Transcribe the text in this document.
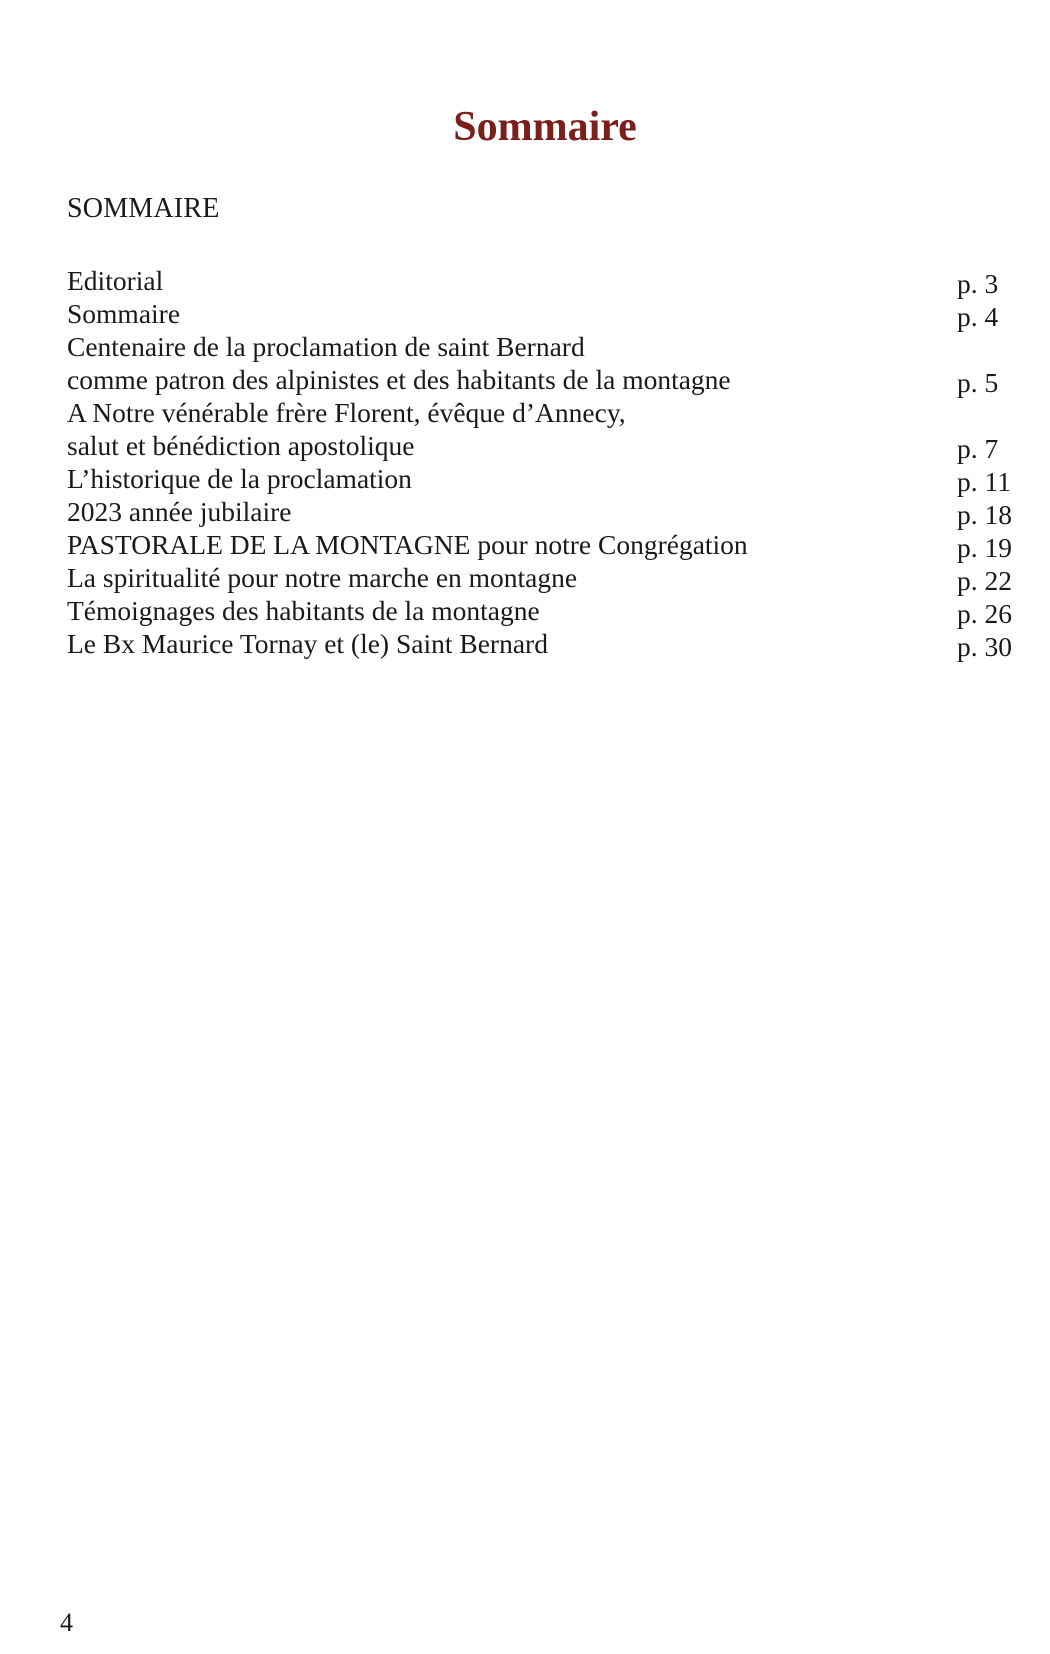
Sommaire
SOMMAIRE
Editorial	p. 3
Sommaire	p. 4
Centenaire de la proclamation de saint Bernard
comme patron des alpinistes et des habitants de la montagne	p. 5
A Notre vénérable frère Florent, évêque d’Annecy,
salut et bénédiction apostolique	p. 7
L’historique de la proclamation	p. 11
2023 année jubilaire	p. 18
PASTORALE DE LA MONTAGNE pour notre Congrégation	p. 19
La spiritualité pour notre marche en montagne	p. 22
Témoignages des habitants de la montagne	p. 26
Le Bx Maurice Tornay et (le) Saint Bernard	p. 30
4
